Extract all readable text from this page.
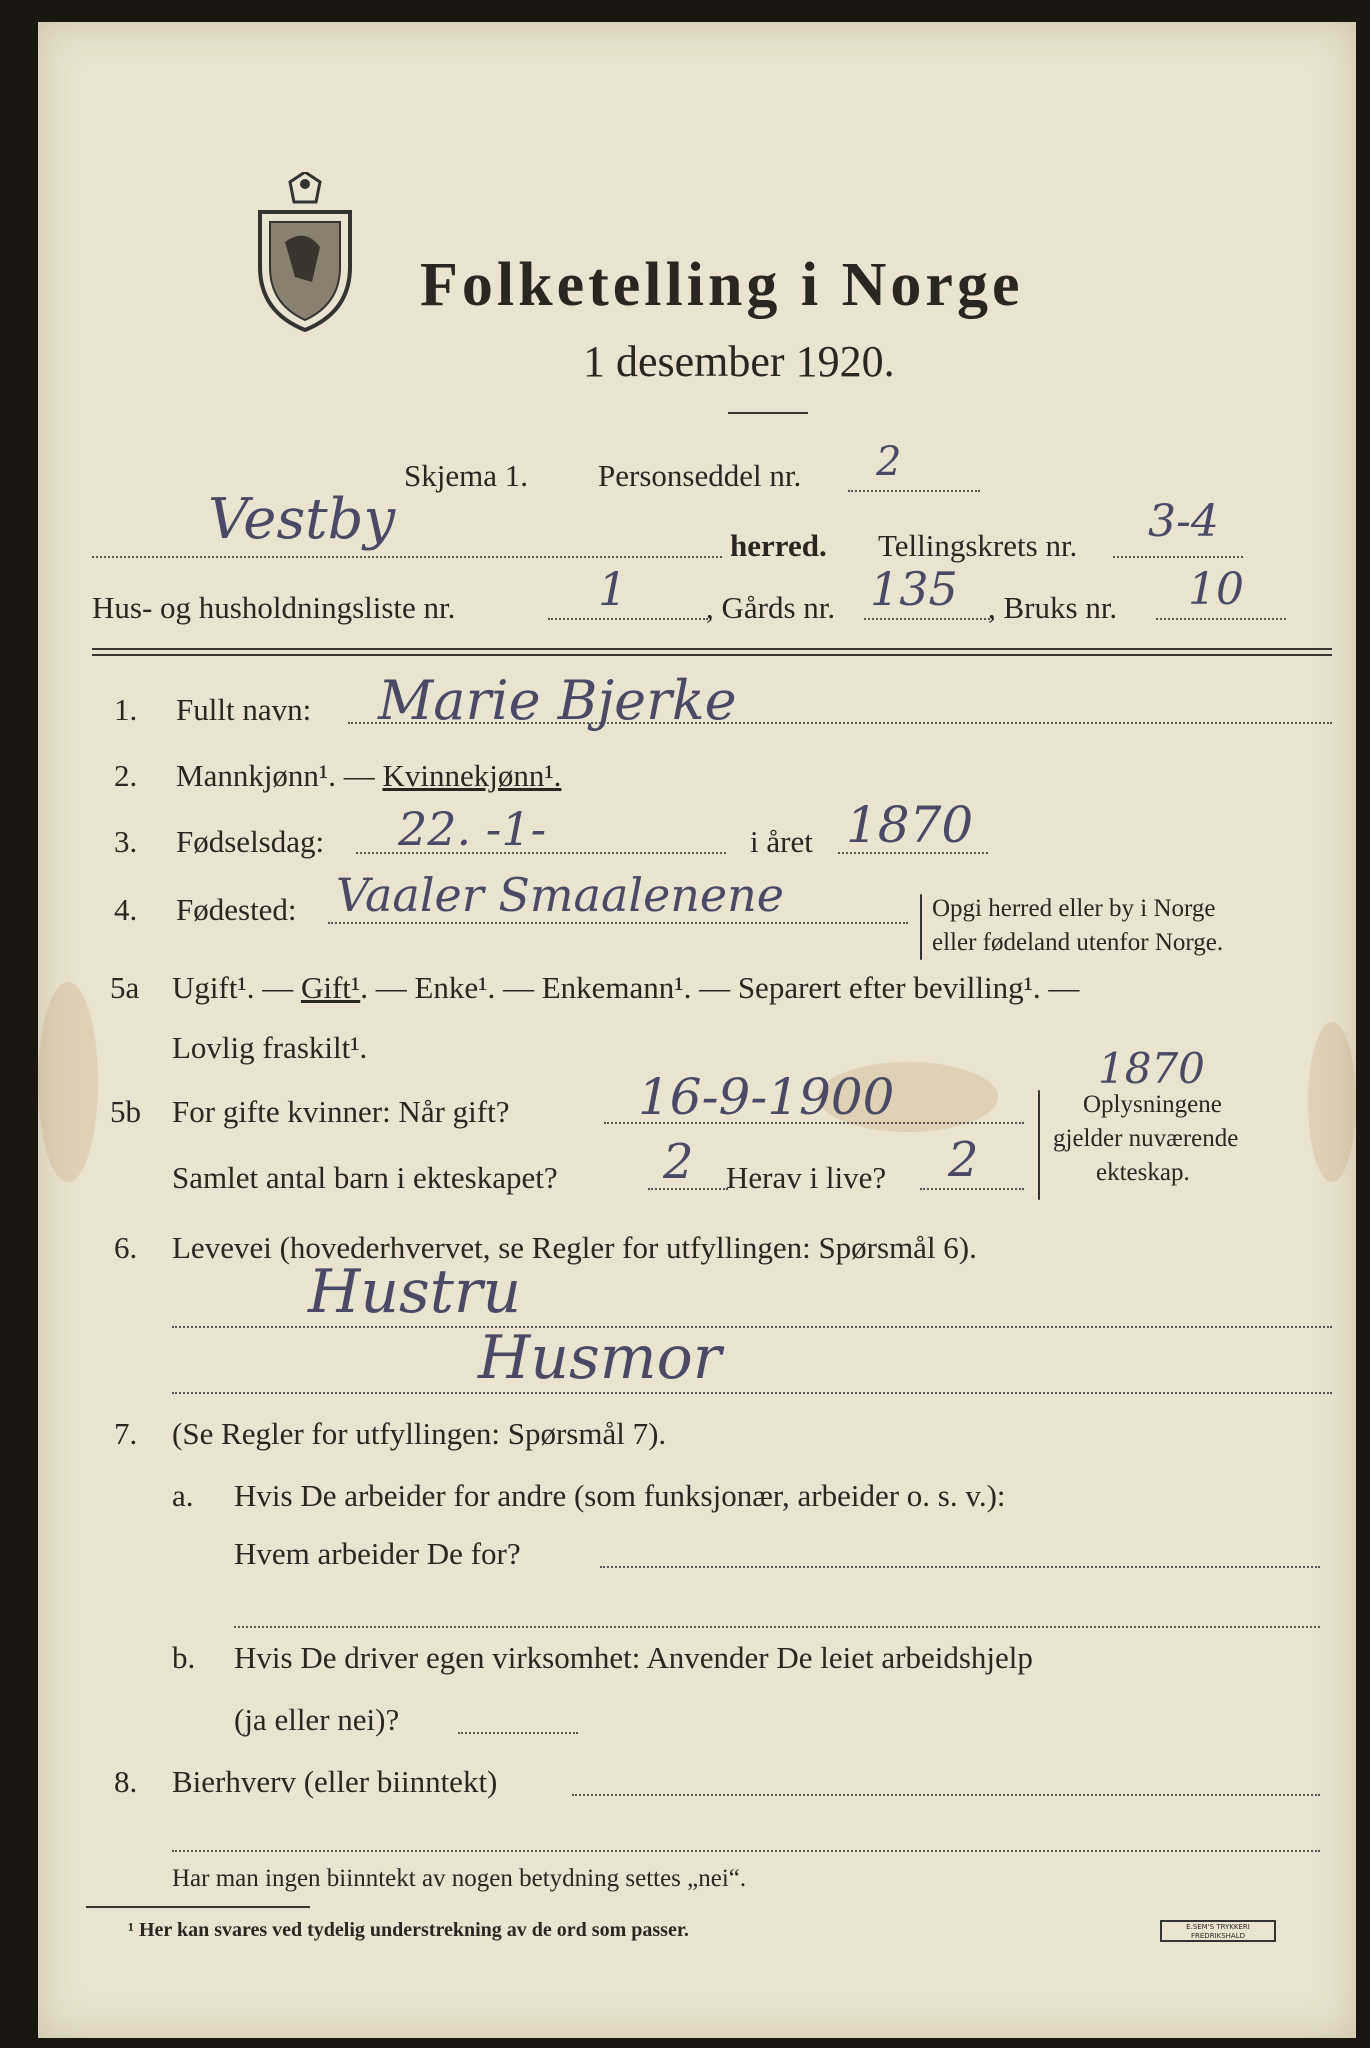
Folketelling i Norge
1 desember 1920.
Skjema 1. Personseddel nr. 2
Vestby	herred. Tellingskrets nr. 3-4
Hus- og husholdningsliste nr.	1	, Gårds nr. 135 , Bruks nr. 10
1. Fullt navn: Marie Bjerke
2. Mannkjønn¹. — Kvinnekjønn¹.
3. Fødselsdag: 22. -1-	i året 1870
4. Fødested: Vaaler Smaalenene	Opgi herred eller by i Norge
eller fødeland utenfor Norge.
5a Ugift¹. — Gift¹. — Enke¹. — Enkemann¹. — Separert efter bevilling¹. —
Lovlig fraskilt¹.
5b For gifte kvinner: Når gift?	16-9-1900	1870
Samlet antal barn i ekteskapet? 2 Herav i live? 2
Oplysningene
gjelder nuværende
ekteskap.
6. Levevei (hovederhvervet, se Regler for utfyllingen: Spørsmål 6).
Hustru
Husmor
7. (Se Regler for utfyllingen: Spørsmål 7).
a. Hvis De arbeider for andre (som funksjonær, arbeider o. s. v.):
Hvem arbeider De for?
b. Hvis De driver egen virksomhet: Anvender De leiet arbeidshjelp
(ja eller nei)?
8. Bierhverv (eller biinntekt)
Har man ingen biinntekt av nogen betydning settes „nei“.
¹ Her kan svares ved tydelig understrekning av de ord som passer.	E.SEM'S TRYKKERI FREDRIKSHALD
